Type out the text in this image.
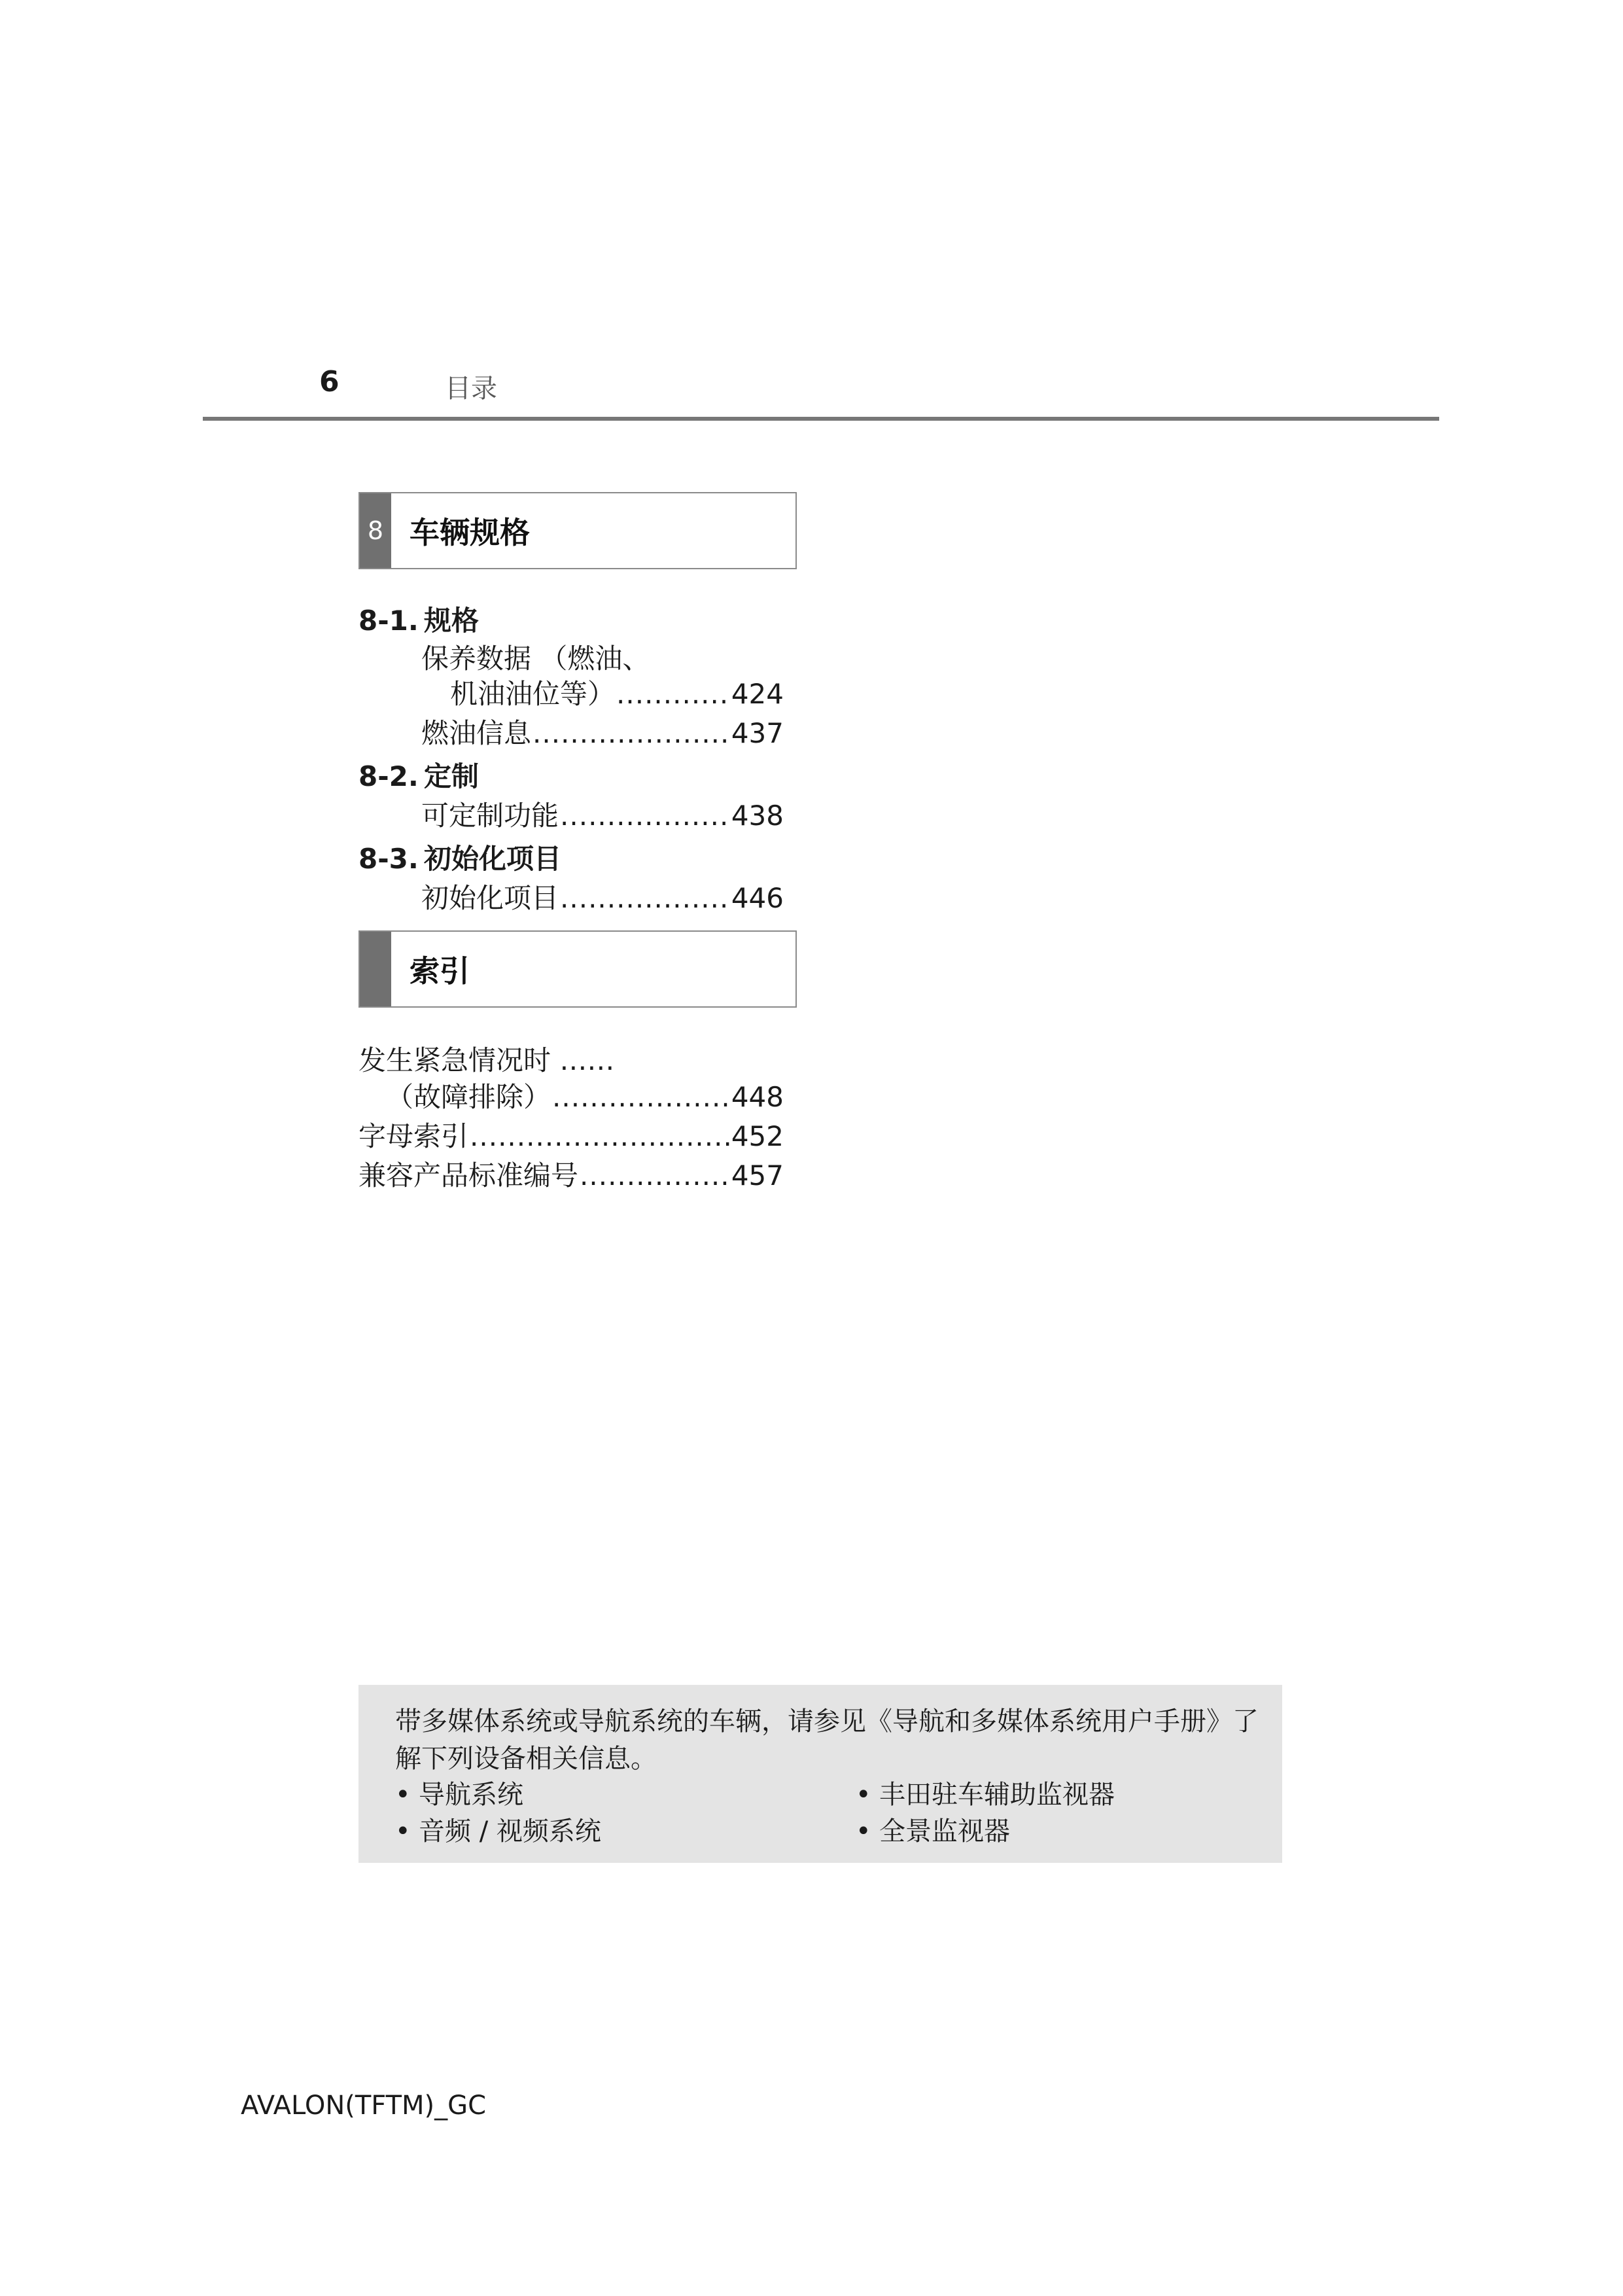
6	目录
8 车辆规格
8-1. 规格
保养数据 （燃油、
机油油位等） .....	424
燃油信息 .....	437
8-2. 定制
可定制功能 .....	438
8-3. 初始化项目
初始化项目 .....	446
索引
发生紧急情况时 ……
（故障排除） .....	448
字母索引 .....	452
兼容产品标准编号 .....	457
带多媒体系统或导航系统的车辆，请参见《导航和多媒体系统用户手册》了解下列设备相关信息。
• 导航系统
• 音频 / 视频系统
• 丰田驻车辅助监视器
• 全景监视器
AVALON(TFTM)_GC
